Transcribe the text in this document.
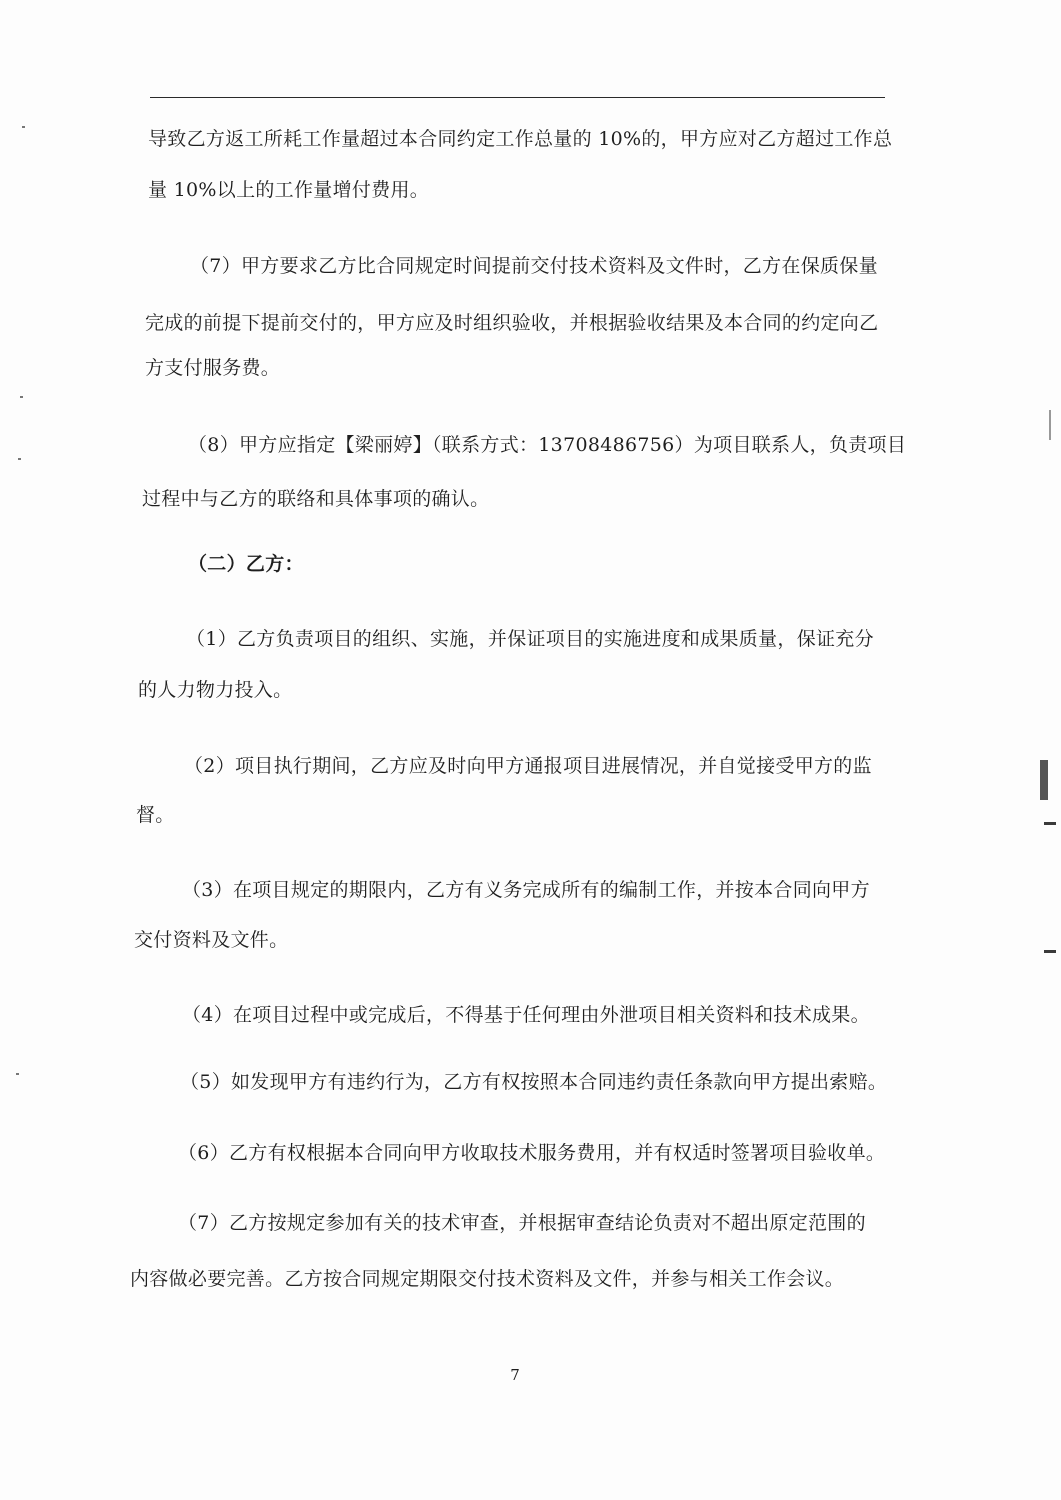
导致乙方返工所耗工作量超过本合同约定工作总量的 10%的，甲方应对乙方超过工作总
量 10%以上的工作量增付费用。
（7）甲方要求乙方比合同规定时间提前交付技术资料及文件时，乙方在保质保量
完成的前提下提前交付的，甲方应及时组织验收，并根据验收结果及本合同的约定向乙
方支付服务费。
（8）甲方应指定【梁丽婷】（联系方式：13708486756）为项目联系人，负责项目
过程中与乙方的联络和具体事项的确认。
（二）乙方：
（1）乙方负责项目的组织、实施，并保证项目的实施进度和成果质量，保证充分
的人力物力投入。
（2）项目执行期间，乙方应及时向甲方通报项目进展情况，并自觉接受甲方的监
督。
（3）在项目规定的期限内，乙方有义务完成所有的编制工作，并按本合同向甲方
交付资料及文件。
（4）在项目过程中或完成后，不得基于任何理由外泄项目相关资料和技术成果。
（5）如发现甲方有违约行为，乙方有权按照本合同违约责任条款向甲方提出索赔。
（6）乙方有权根据本合同向甲方收取技术服务费用，并有权适时签署项目验收单。
（7）乙方按规定参加有关的技术审查，并根据审查结论负责对不超出原定范围的
内容做必要完善。乙方按合同规定期限交付技术资料及文件，并参与相关工作会议。
7
